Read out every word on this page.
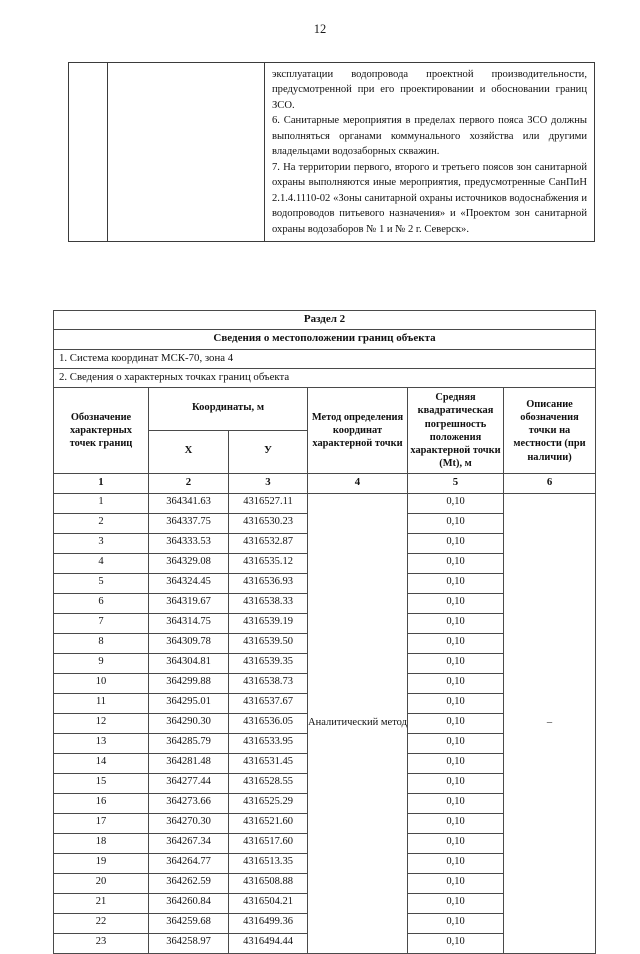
12

эксплуатации водопровода проектной производительности, предусмотренной при его проектировании и обосновании границ ЗСО.

6. Санитарные мероприятия в пределах первого пояса ЗСО должны выполняться органами коммунального хозяйства или другими владельцами водозаборных скважин.

7. На территории первого, второго и третьего поясов зон санитарной охраны выполняются иные мероприятия, предусмотренные СанПиН 2.1.4.1110-02 «Зоны санитарной охраны источников водоснабжения и водопроводов питьевого назначения» и «Проектом зон санитарной охраны водозаборов № 1 и № 2 г. Северск».

Раздел 2					
Сведения о местоположении границ объекта					
1. Система координат МСК-70, зона 4					
2. Сведения о характерных точках границ объекта					
Обозначение характерных точек границ	Координаты, м		Метод определения координат характерной точки	Средняя квадратическая погрешность положения характерной точки (Mt), м	Описание обозначения точки на местности (при наличии)
	X	У			
1	2	3	4	5	6
1	364341.63	4316527.11	Аналитический метод	0,10	–
2	364337.75	4316530.23		0,10	
3	364333.53	4316532.87		0,10	
4	364329.08	4316535.12		0,10	
5	364324.45	4316536.93		0,10	
6	364319.67	4316538.33		0,10	
7	364314.75	4316539.19		0,10	
8	364309.78	4316539.50		0,10	
9	364304.81	4316539.35		0,10	
10	364299.88	4316538.73		0,10	
11	364295.01	4316537.67		0,10	
12	364290.30	4316536.05		0,10	
13	364285.79	4316533.95		0,10	
14	364281.48	4316531.45		0,10	
15	364277.44	4316528.55		0,10	
16	364273.66	4316525.29		0,10	
17	364270.30	4316521.60		0,10	
18	364267.34	4316517.60		0,10	
19	364264.77	4316513.35		0,10	
20	364262.59	4316508.88		0,10	
21	364260.84	4316504.21		0,10	
22	364259.68	4316499.36		0,10	
23	364258.97	4316494.44		0,10	
